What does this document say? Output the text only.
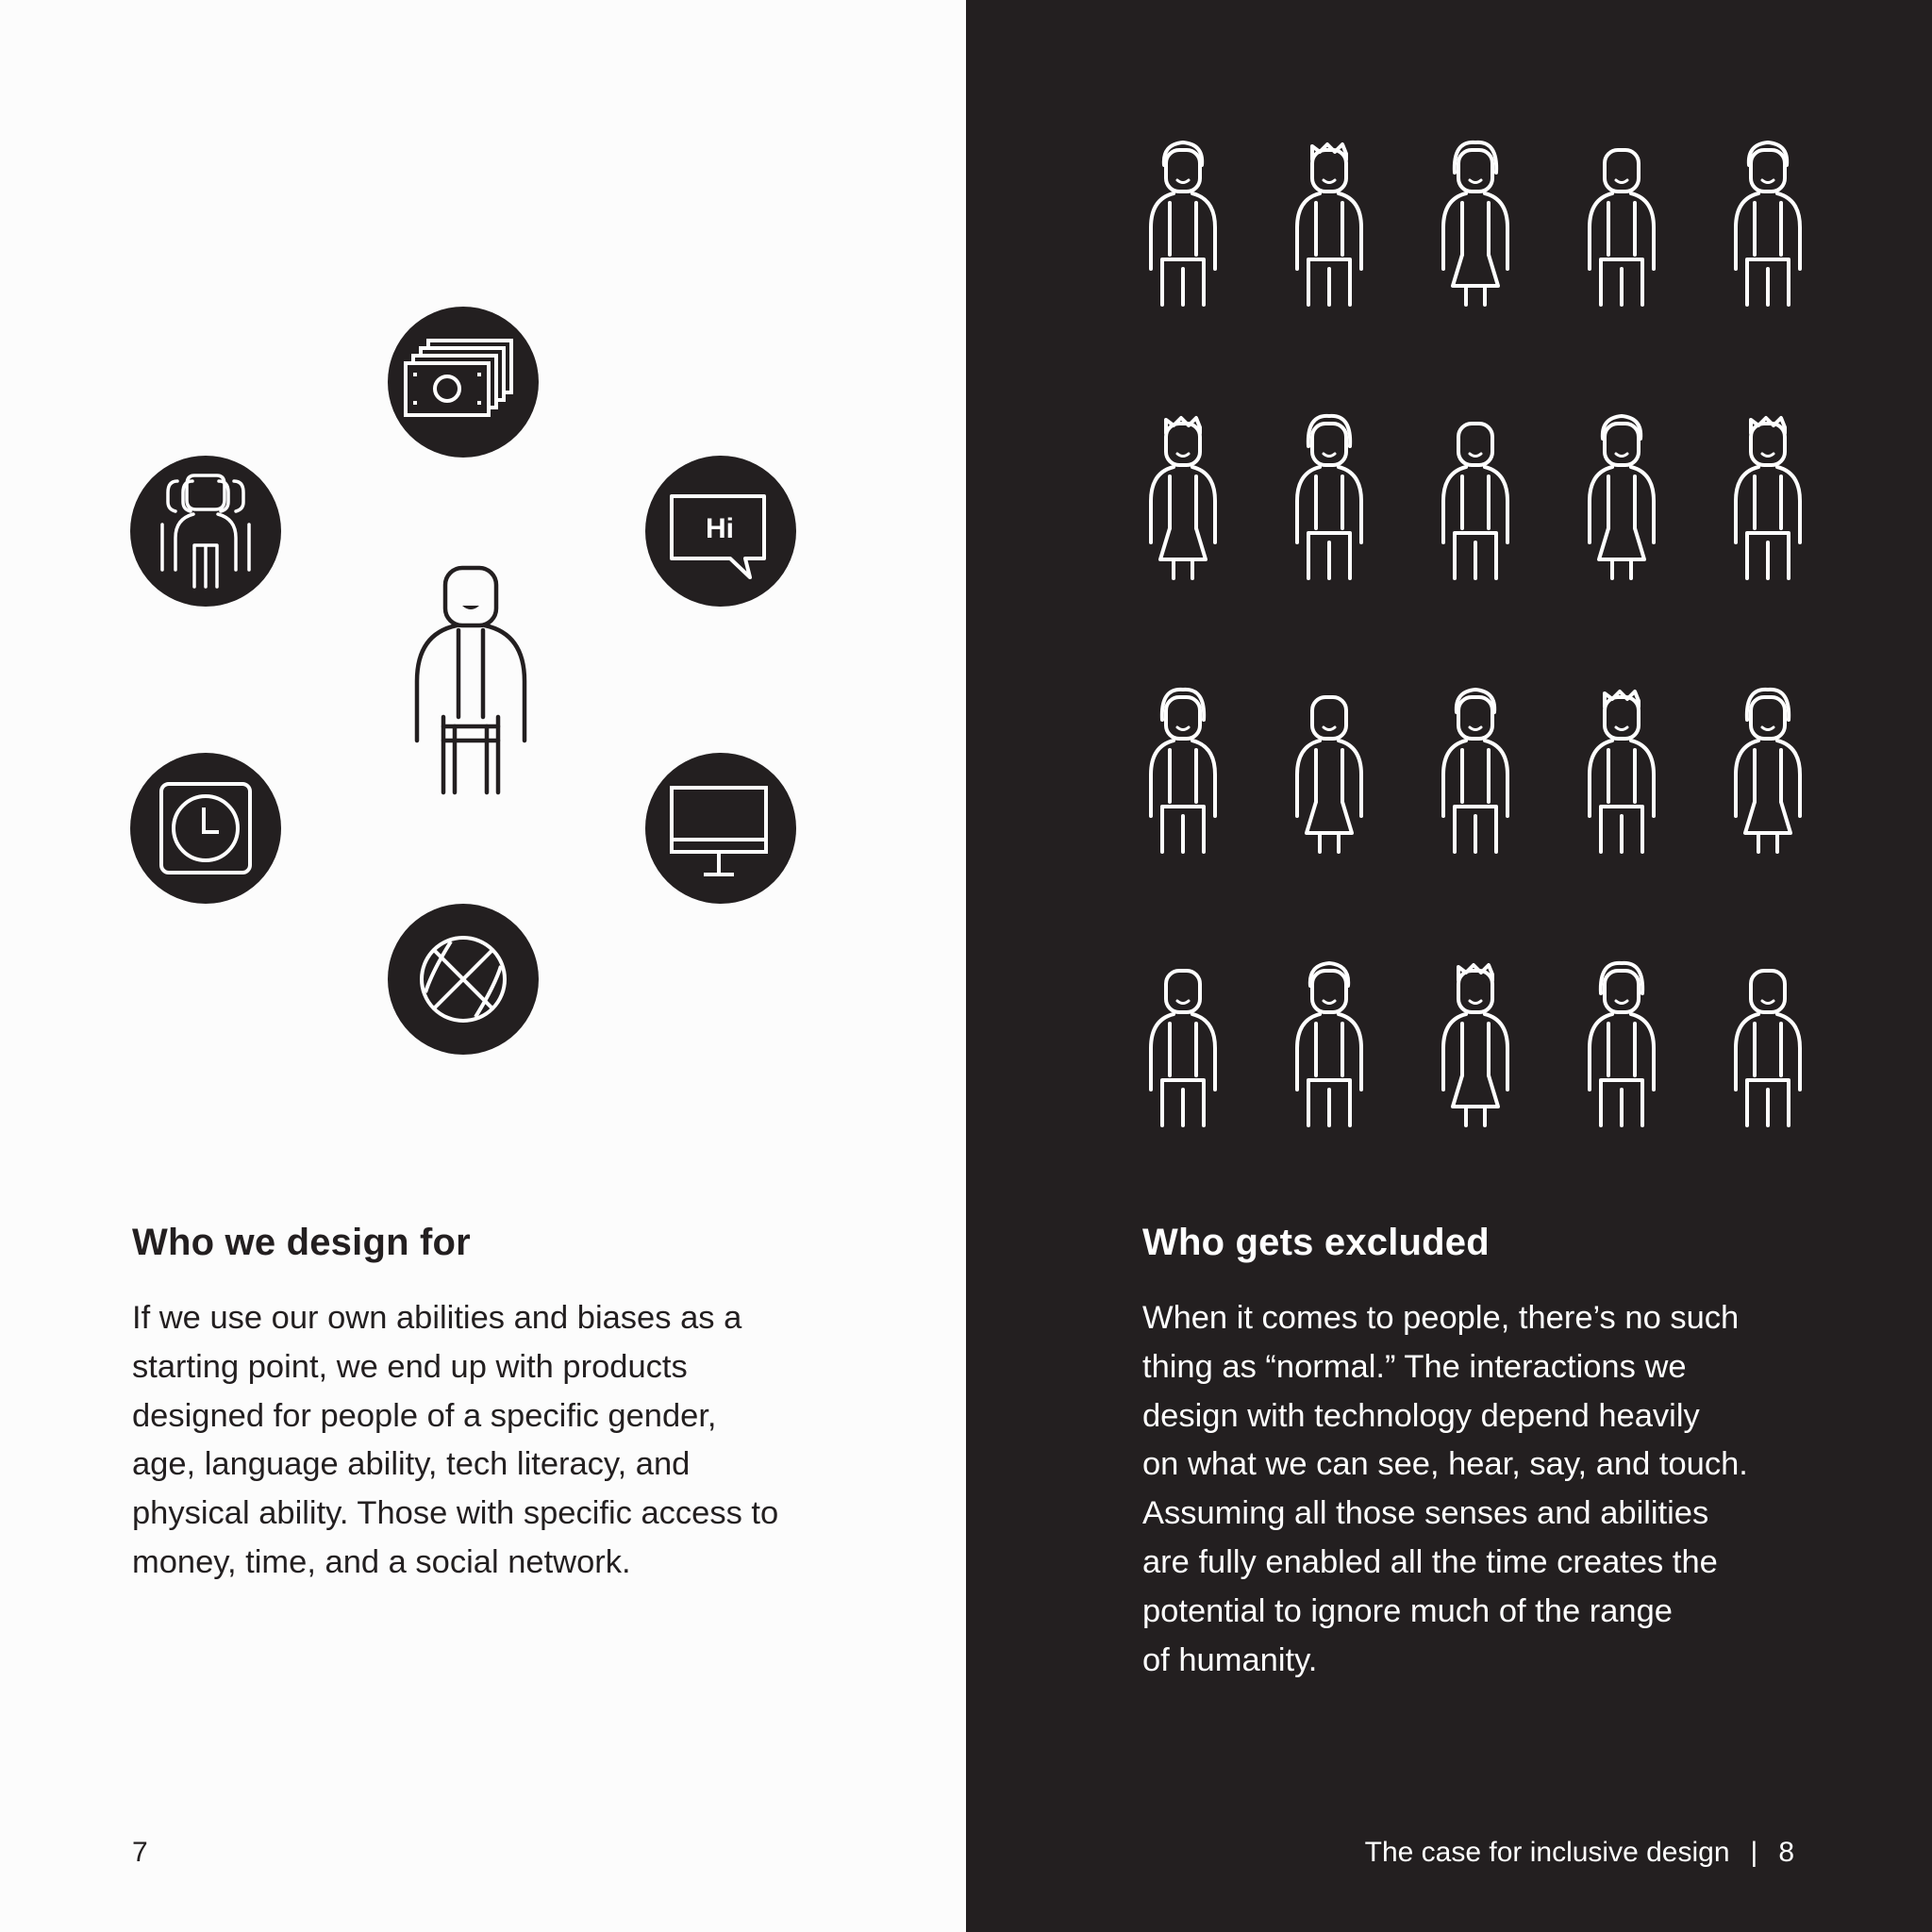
Hi
Who we design for

If we use our own abilities and biases as a
starting point, we end up with products
designed for people of a specific gender,
age, language ability, tech literacy, and
physical ability. Those with specific access to
money, time, and a social network.

7
Who gets excluded

When it comes to people, there’s no such
thing as “normal.” The interactions we
design with technology depend heavily
on what we can see, hear, say, and touch.
Assuming all those senses and abilities
are fully enabled all the time creates the
potential to ignore much of the range
of humanity.

The case for inclusive design | 8
